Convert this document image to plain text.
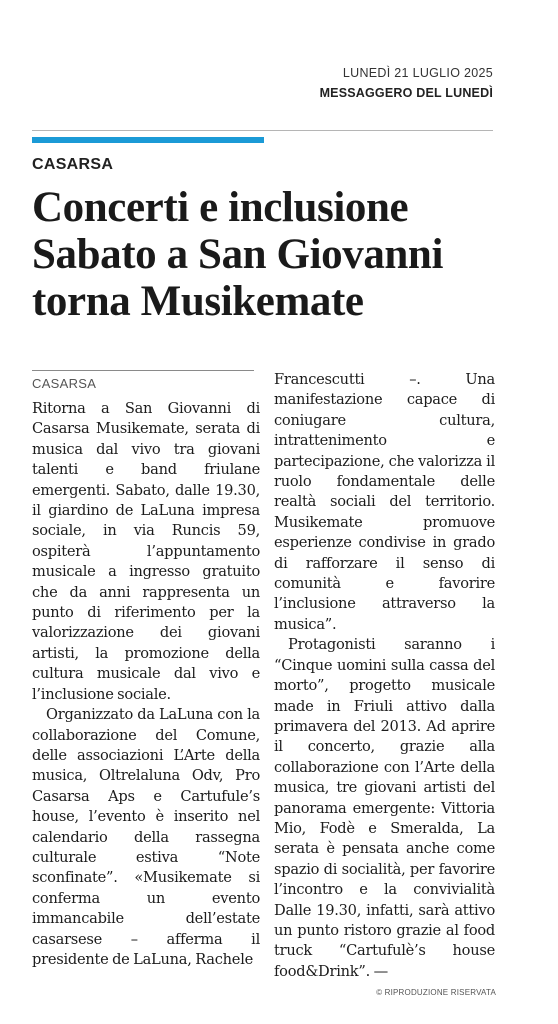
LUNEDÌ 21 LUGLIO 2025
MESSAGGERO DEL LUNEDÌ
CASARSA
Concerti e inclusione
Sabato a San Giovanni
torna Musikemate
CASARSA

Ritorna a San Giovanni di Casarsa Musikemate, serata di musica dal vivo tra giovani talenti e band friulane emergenti. Sabato, dalle 19.30, il giardino de LaLuna impresa sociale, in via Runcis 59, ospiterà l’appuntamento musicale a ingresso gratuito che da anni rappresenta un punto di riferimento per la valorizzazione dei giovani artisti, la promozione della cultura musicale dal vivo e l’inclusione sociale.

Organizzato da LaLuna con la collaborazione del Comune, delle associazioni L’Arte della musica, Oltrelaluna Odv, Pro Casarsa Aps e Cartufule’s house, l’evento è inserito nel calendario della rassegna culturale estiva “Note sconfinate”. «Musikemate si conferma un evento immancabile dell’estate casarsese – afferma il presidente de LaLuna, Rachele

Francescutti –. Una manifestazione capace di coniugare cultura, intrattenimento e partecipazione, che valorizza il ruolo fondamentale delle realtà sociali del territorio. Musikemate promuove esperienze condivise in grado di rafforzare il senso di comunità e favorire l’inclusione attraverso la musica”.

Protagonisti saranno i “Cinque uomini sulla cassa del morto”, progetto musicale made in Friuli attivo dalla primavera del 2013. Ad aprire il concerto, grazie alla collaborazione con l’Arte della musica, tre giovani artisti del panorama emergente: Vittoria Mio, Fodè e Smeralda, La serata è pensata anche come spazio di socialità, per favorire l’incontro e la convivialità Dalle 19.30, infatti, sarà attivo un punto ristoro grazie al food truck “Cartufulè’s house food&Drink”. —

© RIPRODUZIONE RISERVATA
